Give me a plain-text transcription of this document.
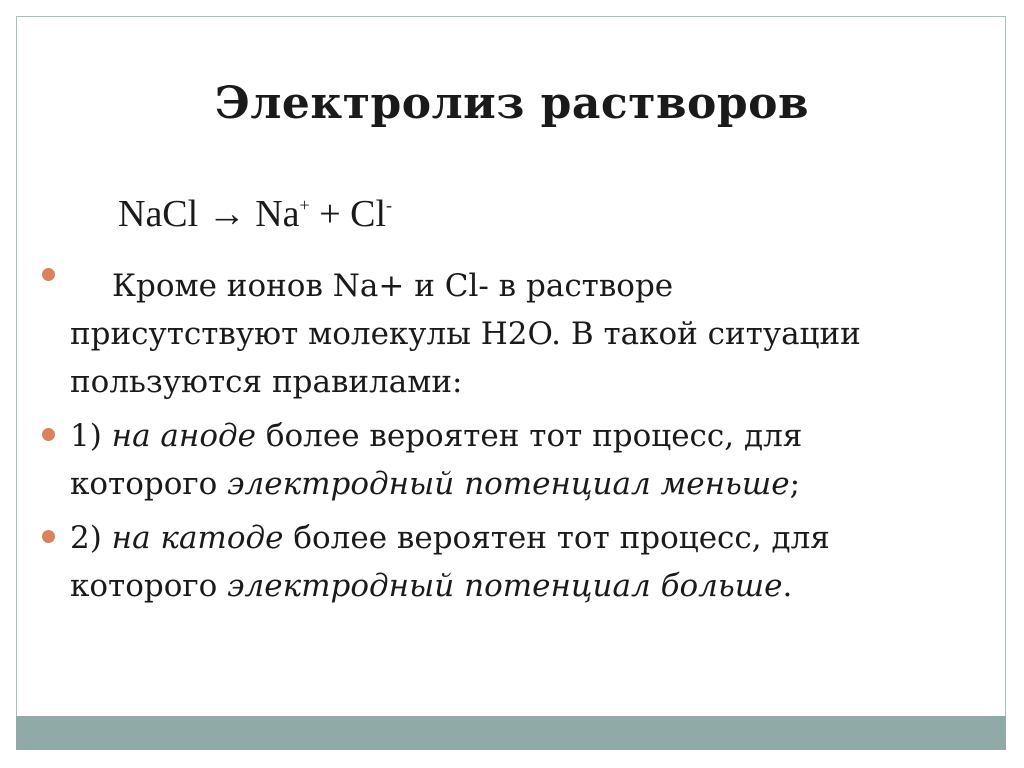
Электролиз растворов
NaCl → Na+ + Cl-
Кроме ионов Na+ и Cl- в растворе
присутствуют молекулы H2O. В такой ситуации
пользуются правилами:
1) на аноде более вероятен тот процесс, для
которого электродный потенциал меньше;
2) на катоде более вероятен тот процесс, для
которого электродный потенциал больше.
